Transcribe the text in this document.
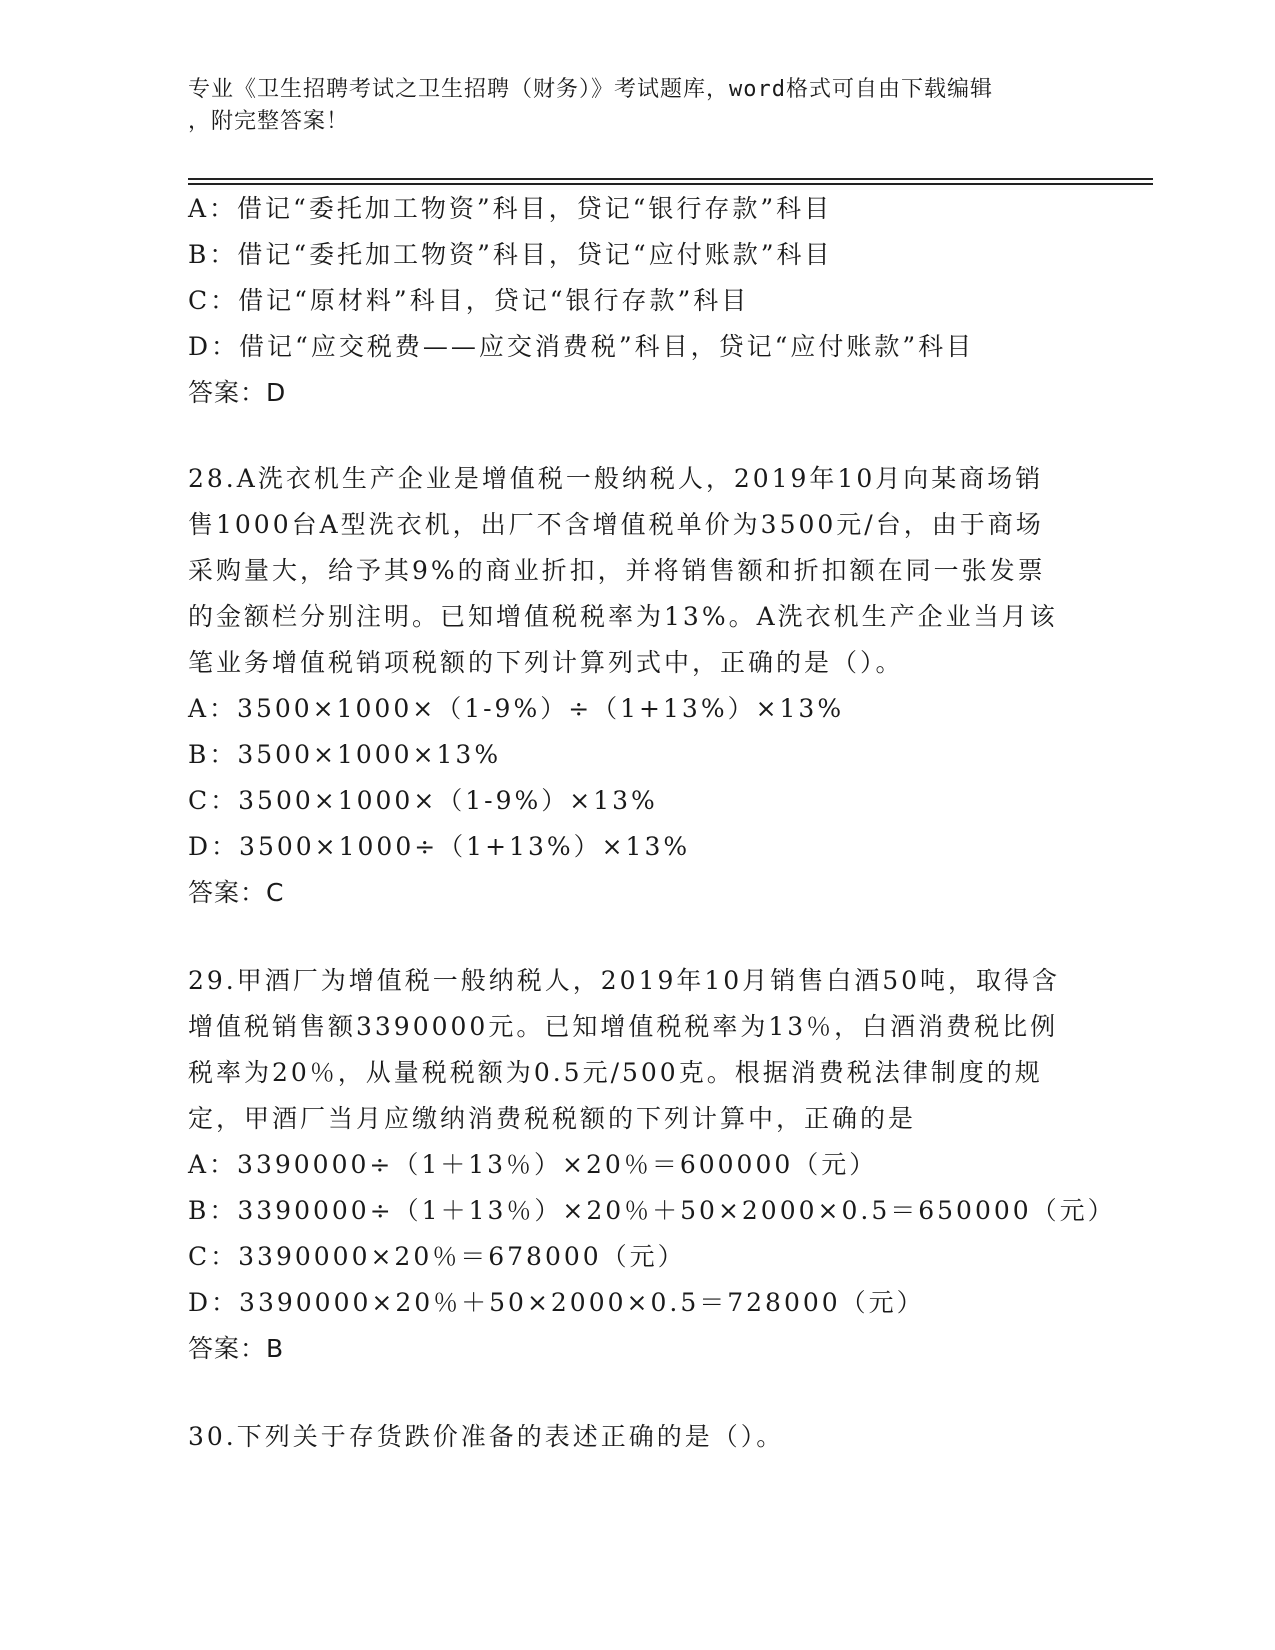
专业《卫生招聘考试之卫生招聘（财务）》考试题库，word格式可自由下载编辑
，附完整答案！
A：借记“委托加工物资”科目，贷记“银行存款”科目
B：借记“委托加工物资”科目，贷记“应付账款”科目
C：借记“原材料”科目，贷记“银行存款”科目
D：借记“应交税费——应交消费税”科目，贷记“应付账款”科目
答案：D
28.A洗衣机生产企业是增值税一般纳税人，2019年10月向某商场销
售1000台A型洗衣机，出厂不含增值税单价为3500元/台，由于商场
采购量大，给予其9%的商业折扣，并将销售额和折扣额在同一张发票
的金额栏分别注明。已知增值税税率为13%。A洗衣机生产企业当月该
笔业务增值税销项税额的下列计算列式中，正确的是（）。
A：3500×1000×（1-9%）÷（1+13%）×13%
B：3500×1000×13%
C：3500×1000×（1-9%）×13%
D：3500×1000÷（1+13%）×13%
答案：C
29.甲酒厂为增值税一般纳税人，2019年10月销售白酒50吨，取得含
增值税销售额3390000元。已知增值税税率为13％，白酒消费税比例
税率为20％，从量税税额为0.5元/500克。根据消费税法律制度的规
定，甲酒厂当月应缴纳消费税税额的下列计算中，正确的是
A：3390000÷（1＋13％）×20％＝600000（元）
B：3390000÷（1＋13％）×20％＋50×2000×0.5＝650000（元）
C：3390000×20％＝678000（元）
D：3390000×20％＋50×2000×0.5＝728000（元）
答案：B
30.下列关于存货跌价准备的表述正确的是（）。
